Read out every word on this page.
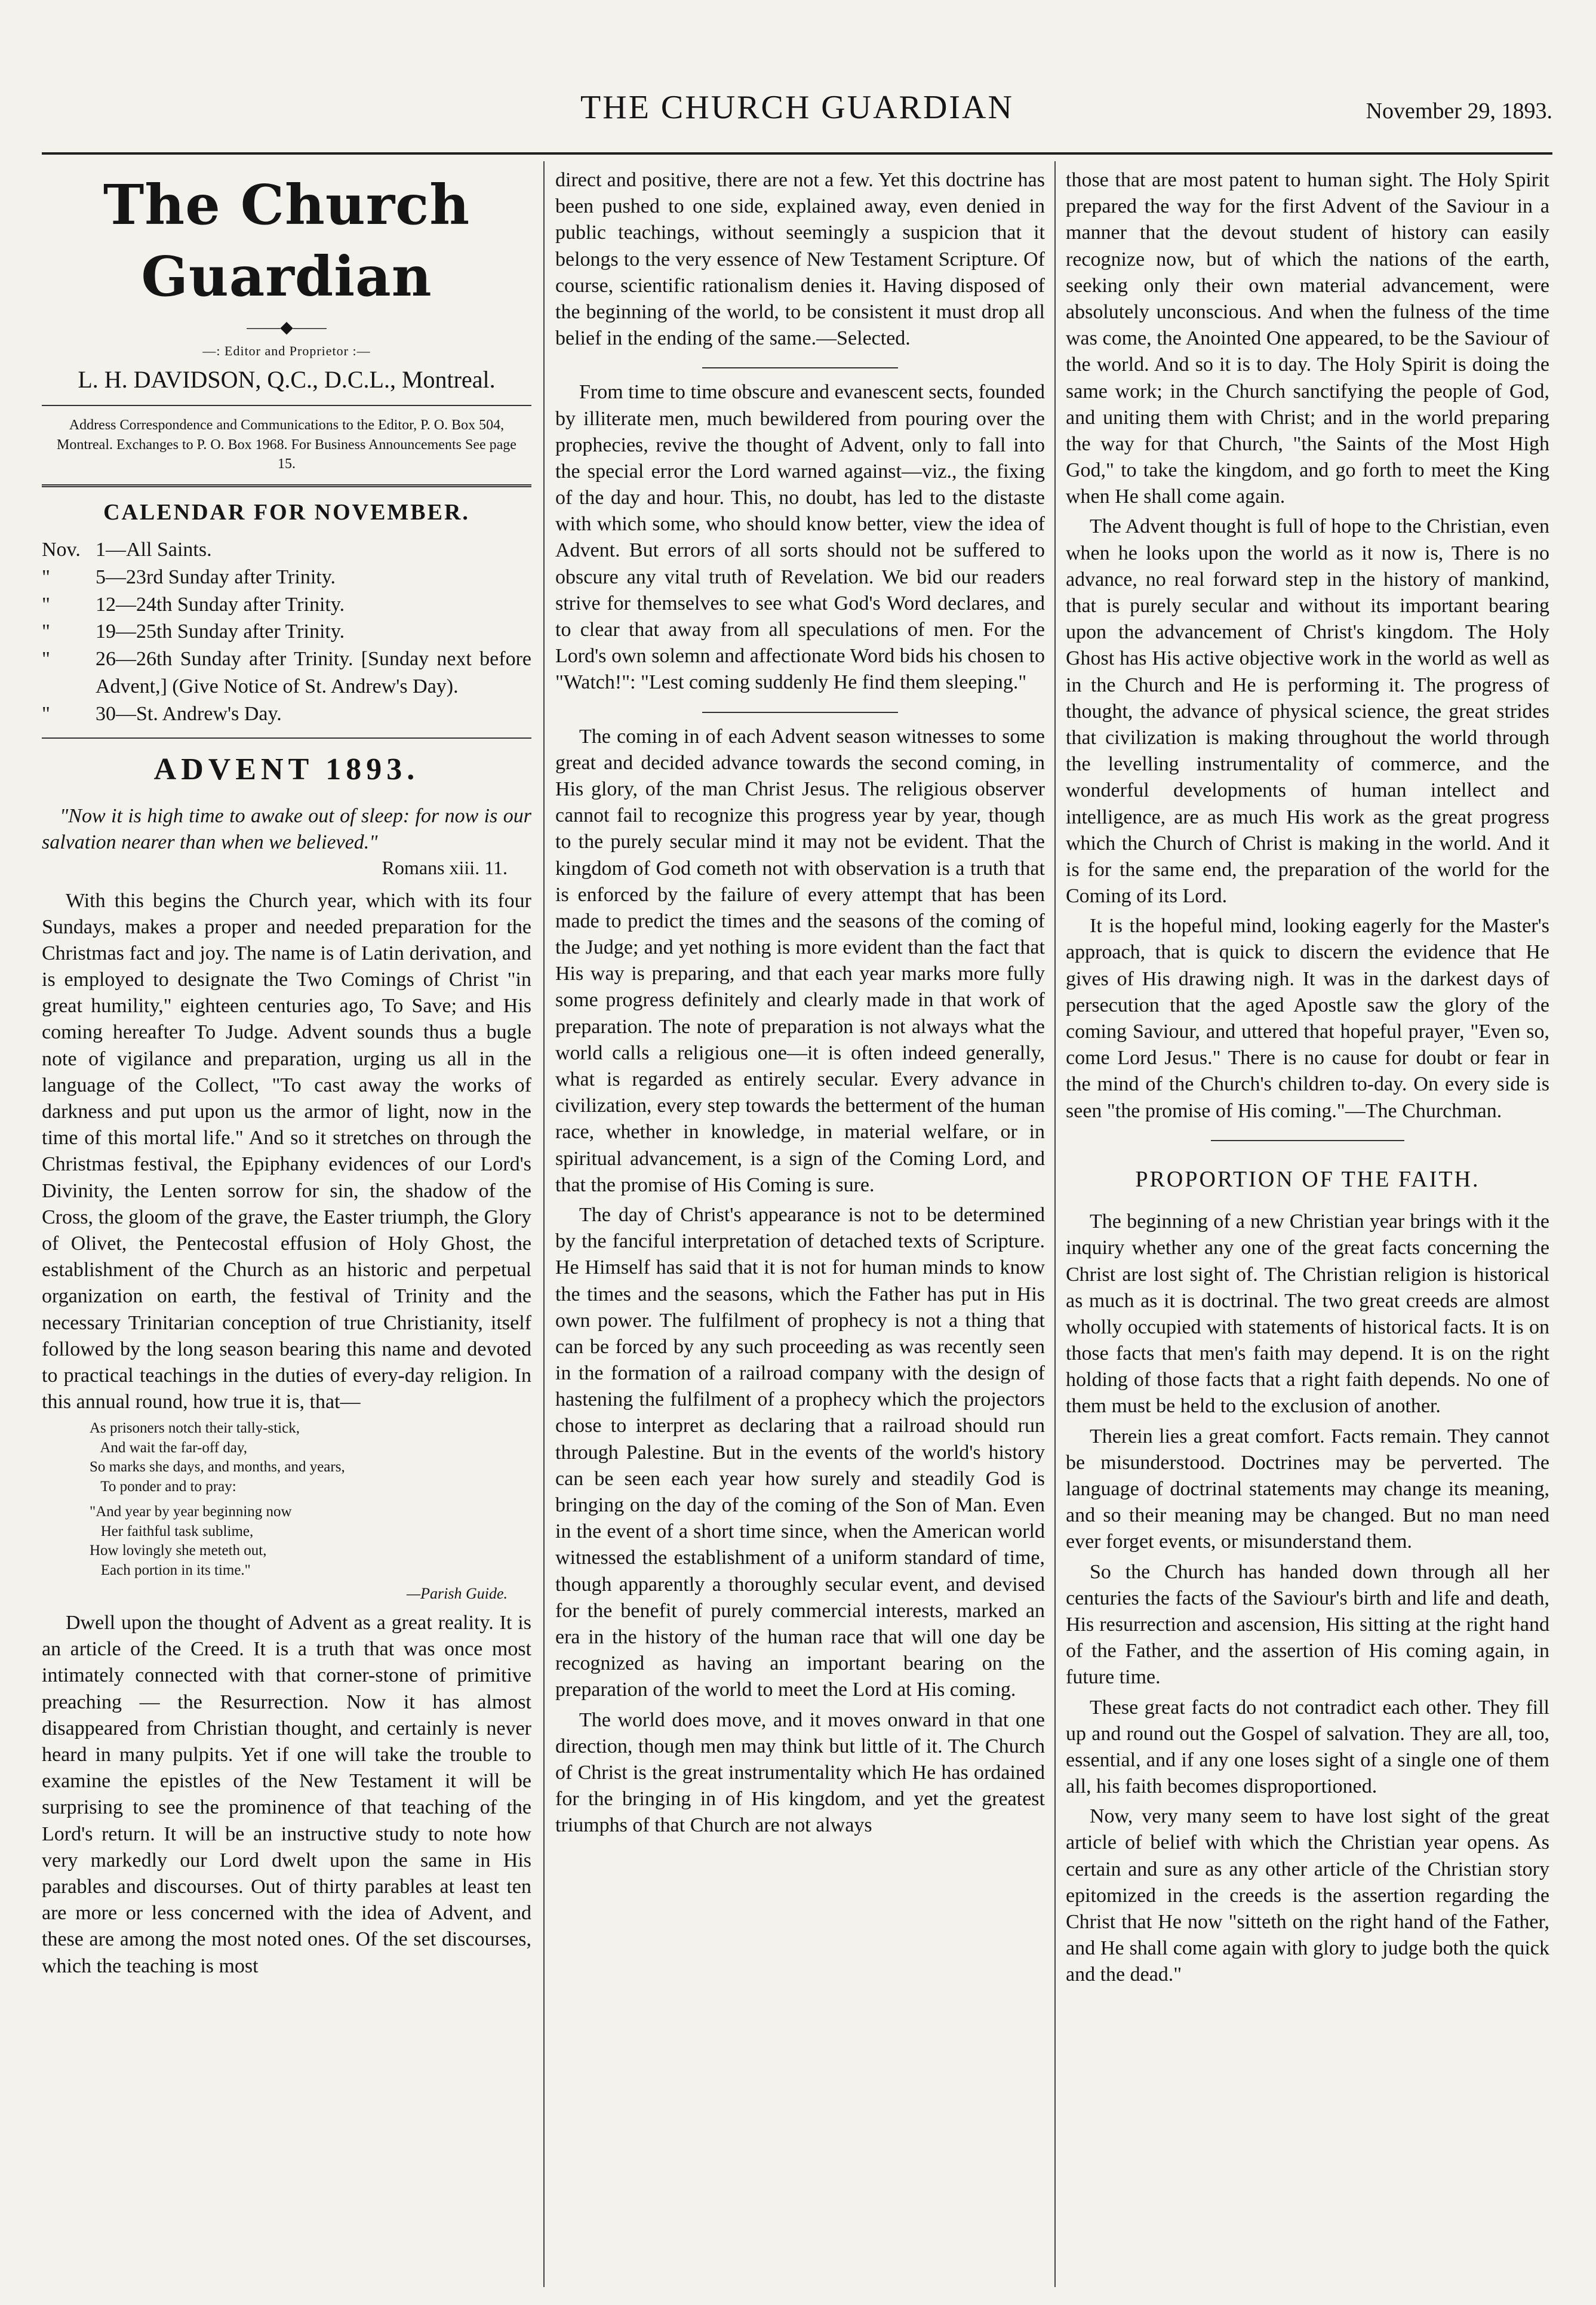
THE CHURCH GUARDIAN	November 29, 1893.
The Church Guardian
——◆——
—: Editor and Proprietor :—
L. H. DAVIDSON, Q.C., D.C.L., Montreal.
Address Correspondence and Communications to the Editor, P. O. Box 504, Montreal. Exchanges to P. O. Box 1968. For Business Announcements See page 15.
CALENDAR FOR NOVEMBER.
Nov. 1—All Saints.
"	5—23rd Sunday after Trinity.
"	12—24th Sunday after Trinity.
"	19—25th Sunday after Trinity.
"	26—26th Sunday after Trinity. [Sunday next before Advent,] (Give Notice of St. Andrew's Day).
"	30—St. Andrew's Day.
ADVENT 1893.

"Now it is high time to awake out of sleep: for now is our salvation nearer than when we believed."

Romans xiii. 11.

With this begins the Church year, which with its four Sundays, makes a proper and needed preparation for the Christmas fact and joy. The name is of Latin derivation, and is employed to designate the Two Comings of Christ "in great humility," eighteen centuries ago, To Save; and His coming hereafter To Judge. Advent sounds thus a bugle note of vigilance and preparation, urging us all in the language of the Collect, "To cast away the works of darkness and put upon us the armor of light, now in the time of this mortal life." And so it stretches on through the Christmas festival, the Epiphany evidences of our Lord's Divinity, the Lenten sorrow for sin, the shadow of the Cross, the gloom of the grave, the Easter triumph, the Glory of Olivet, the Pentecostal effusion of Holy Ghost, the establishment of the Church as an historic and perpetual organization on earth, the festival of Trinity and the necessary Trinitarian conception of true Christianity, itself followed by the long season bearing this name and devoted to practical teachings in the duties of every-day religion. In this annual round, how true it is, that—

As prisoners notch their tally-stick,
And wait the far-off day,
So marks she days, and months, and years,
To ponder and to pray:
"And year by year beginning now
Her faithful task sublime,
How lovingly she meteth out,
Each portion in its time."
—Parish Guide.

Dwell upon the thought of Advent as a great reality. It is an article of the Creed. It is a truth that was once most intimately connected with that corner-stone of primitive preaching — the Resurrection. Now it has almost disappeared from Christian thought, and certainly is never heard in many pulpits. Yet if one will take the trouble to examine the epistles of the New Testament it will be surprising to see the prominence of that teaching of the Lord's return. It will be an instructive study to note how very markedly our Lord dwelt upon the same in His parables and discourses. Out of thirty parables at least ten are more or less concerned with the idea of Advent, and these are among the most noted ones. Of the set discourses, which the teaching is most

direct and positive, there are not a few. Yet this doctrine has been pushed to one side, explained away, even denied in public teachings, without seemingly a suspicion that it belongs to the very essence of New Testament Scripture. Of course, scientific rationalism denies it. Having disposed of the beginning of the world, to be consistent it must drop all belief in the ending of the same.—Selected.

From time to time obscure and evanescent sects, founded by illiterate men, much bewildered from pouring over the prophecies, revive the thought of Advent, only to fall into the special error the Lord warned against—viz., the fixing of the day and hour. This, no doubt, has led to the distaste with which some, who should know better, view the idea of Advent. But errors of all sorts should not be suffered to obscure any vital truth of Revelation. We bid our readers strive for themselves to see what God's Word declares, and to clear that away from all speculations of men. For the Lord's own solemn and affectionate Word bids his chosen to "Watch!": "Lest coming suddenly He find them sleeping."

The coming in of each Advent season witnesses to some great and decided advance towards the second coming, in His glory, of the man Christ Jesus. The religious observer cannot fail to recognize this progress year by year, though to the purely secular mind it may not be evident. That the kingdom of God cometh not with observation is a truth that is enforced by the failure of every attempt that has been made to predict the times and the seasons of the coming of the Judge; and yet nothing is more evident than the fact that His way is preparing, and that each year marks more fully some progress definitely and clearly made in that work of preparation. The note of preparation is not always what the world calls a religious one—it is often indeed generally, what is regarded as entirely secular. Every advance in civilization, every step towards the betterment of the human race, whether in knowledge, in material welfare, or in spiritual advancement, is a sign of the Coming Lord, and that the promise of His Coming is sure.

The day of Christ's appearance is not to be determined by the fanciful interpretation of detached texts of Scripture. He Himself has said that it is not for human minds to know the times and the seasons, which the Father has put in His own power. The fulfilment of prophecy is not a thing that can be forced by any such proceeding as was recently seen in the formation of a railroad company with the design of hastening the fulfilment of a prophecy which the projectors chose to interpret as declaring that a railroad should run through Palestine. But in the events of the world's history can be seen each year how surely and steadily God is bringing on the day of the coming of the Son of Man. Even in the event of a short time since, when the American world witnessed the establishment of a uniform standard of time, though apparently a thoroughly secular event, and devised for the benefit of purely commercial interests, marked an era in the history of the human race that will one day be recognized as having an important bearing on the preparation of the world to meet the Lord at His coming.

The world does move, and it moves onward in that one direction, though men may think but little of it. The Church of Christ is the great instrumentality which He has ordained for the bringing in of His kingdom, and yet the greatest triumphs of that Church are not always

those that are most patent to human sight. The Holy Spirit prepared the way for the first Advent of the Saviour in a manner that the devout student of history can easily recognize now, but of which the nations of the earth, seeking only their own material advancement, were absolutely unconscious. And when the fulness of the time was come, the Anointed One appeared, to be the Saviour of the world. And so it is to day. The Holy Spirit is doing the same work; in the Church sanctifying the people of God, and uniting them with Christ; and in the world preparing the way for that Church, "the Saints of the Most High God," to take the kingdom, and go forth to meet the King when He shall come again.

The Advent thought is full of hope to the Christian, even when he looks upon the world as it now is, There is no advance, no real forward step in the history of mankind, that is purely secular and without its important bearing upon the advancement of Christ's kingdom. The Holy Ghost has His active objective work in the world as well as in the Church and He is performing it. The progress of thought, the advance of physical science, the great strides that civilization is making throughout the world through the levelling instrumentality of commerce, and the wonderful developments of human intellect and intelligence, are as much His work as the great progress which the Church of Christ is making in the world. And it is for the same end, the preparation of the world for the Coming of its Lord.

It is the hopeful mind, looking eagerly for the Master's approach, that is quick to discern the evidence that He gives of His drawing nigh. It was in the darkest days of persecution that the aged Apostle saw the glory of the coming Saviour, and uttered that hopeful prayer, "Even so, come Lord Jesus." There is no cause for doubt or fear in the mind of the Church's children to-day. On every side is seen "the promise of His coming."—The Churchman.

PROPORTION OF THE FAITH.

The beginning of a new Christian year brings with it the inquiry whether any one of the great facts concerning the Christ are lost sight of. The Christian religion is historical as much as it is doctrinal. The two great creeds are almost wholly occupied with statements of historical facts. It is on those facts that men's faith may depend. It is on the right holding of those facts that a right faith depends. No one of them must be held to the exclusion of another.

Therein lies a great comfort. Facts remain. They cannot be misunderstood. Doctrines may be perverted. The language of doctrinal statements may change its meaning, and so their meaning may be changed. But no man need ever forget events, or misunderstand them.

So the Church has handed down through all her centuries the facts of the Saviour's birth and life and death, His resurrection and ascension, His sitting at the right hand of the Father, and the assertion of His coming again, in future time.

These great facts do not contradict each other. They fill up and round out the Gospel of salvation. They are all, too, essential, and if any one loses sight of a single one of them all, his faith becomes disproportioned.

Now, very many seem to have lost sight of the great article of belief with which the Christian year opens. As certain and sure as any other article of the Christian story epitomized in the creeds is the assertion regarding the Christ that He now "sitteth on the right hand of the Father, and He shall come again with glory to judge both the quick and the dead."
